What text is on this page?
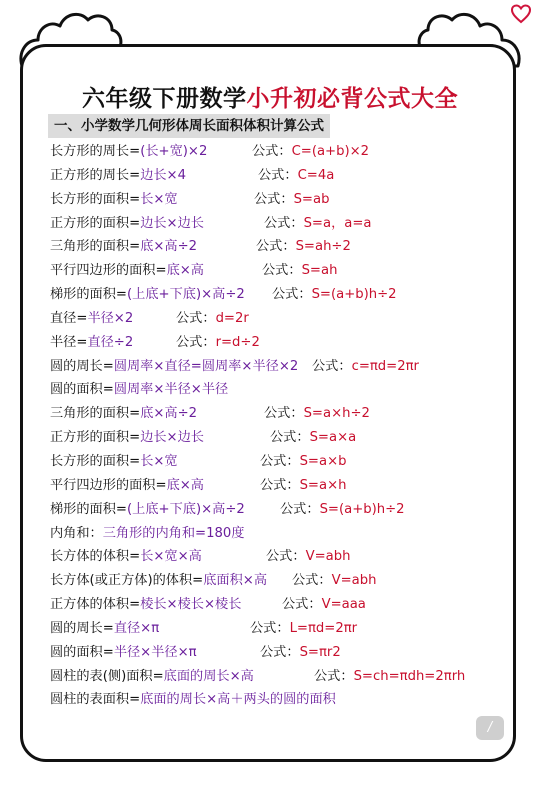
六年级下册数学小升初必背公式大全
一、小学数学几何形体周长面积体积计算公式
长方形的周长=(长+宽)×2	公式：C=(a+b)×2
正方形的周长=边长×4	公式：C=4a
长方形的面积=长×宽	公式：S=ab
正方形的面积=边长×边长	公式：S=a，a=a
三角形的面积=底×高÷2	公式：S=ah÷2
平行四边形的面积=底×高	公式：S=ah
梯形的面积=(上底+下底)×高÷2 公式：S=(a+b)h÷2
直径=半径×2	公式：d=2r
半径=直径÷2	公式：r=d÷2
圆的周长=圆周率×直径=圆周率×半径×2 公式：c=πd=2πr
圆的面积=圆周率×半径×半径
三角形的面积=底×高÷2	公式：S=a×h÷2
正方形的面积=边长×边长	公式：S=a×a
长方形的面积=长×宽	公式：S=a×b
平行四边形的面积=底×高	公式：S=a×h
梯形的面积=(上底+下底)×高÷2	公式：S=(a+b)h÷2
内角和：三角形的内角和=180度
长方体的体积=长×宽×高	公式：V=abh
长方体(或正方体)的体积=底面积×高 公式：V=abh
正方体的体积=棱长×棱长×棱长	公式：V=aaa
圆的周长=直径×π	公式：L=πd=2πr
圆的面积=半径×半径×π	公式：S=πr2
圆柱的表(侧)面积=底面的周长×高	公式：S=ch=πdh=2πrh
圆柱的表面积=底面的周长×高＋两头的圆的面积
/
